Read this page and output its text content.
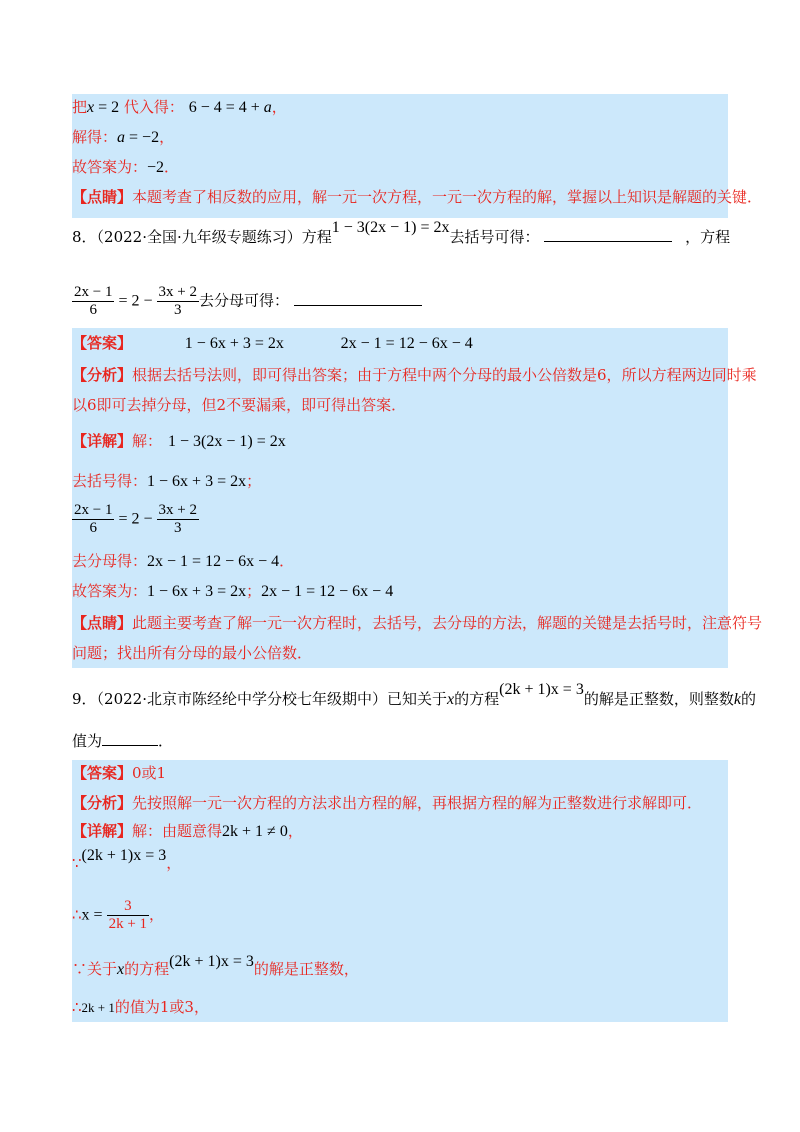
把x = 2 代入得： 6 − 4 = 4 + a，
解得：a = −2，
故答案为：−2．
【点睛】本题考查了相反数的应用，解一元一次方程，一元一次方程的解，掌握以上知识是解题的关键．
8．（2022·全国·九年级专题练习）方程1 − 3(2x − 1) = 2x去括号可得：	，方程
$\frac{2x - 1}{6} = 2 - \frac{3x + 2}{3}$ 去分母可得：
【答案】	1 − 6x + 3 = 2x	2x − 1 = 12 − 6x − 4
【分析】根据去括号法则，即可得出答案；由于方程中两个分母的最小公倍数是6，所以方程两边同时乘
以6即可去掉分母，但2不要漏乘，即可得出答案．
【详解】解： 1 − 3(2x − 1) = 2x
去括号得：1 − 6x + 3 = 2x；
$\frac{2x - 1}{6} = 2 - \frac{3x + 2}{3}$
去分母得：2x − 1 = 12 − 6x − 4．
故答案为：1 − 6x + 3 = 2x；2x − 1 = 12 − 6x − 4
【点睛】此题主要考查了解一元一次方程时，去括号，去分母的方法，解题的关键是去括号时，注意符号
问题；找出所有分母的最小公倍数．
9．（2022·北京市陈经纶中学分校七年级期中）已知关于x的方程(2k + 1)x = 3的解是正整数，则整数k的
值为	．
【答案】0或1
【分析】先按照解一元一次方程的方法求出方程的解，再根据方程的解为正整数进行求解即可．
【详解】解：由题意得2k + 1 ≠ 0，
∵(2k + 1)x = 3，
∴x = $\frac{3}{2k + 1}$ ，
∵关于x的方程(2k + 1)x = 3的解是正整数，
∴2k + 1的值为1或3，
